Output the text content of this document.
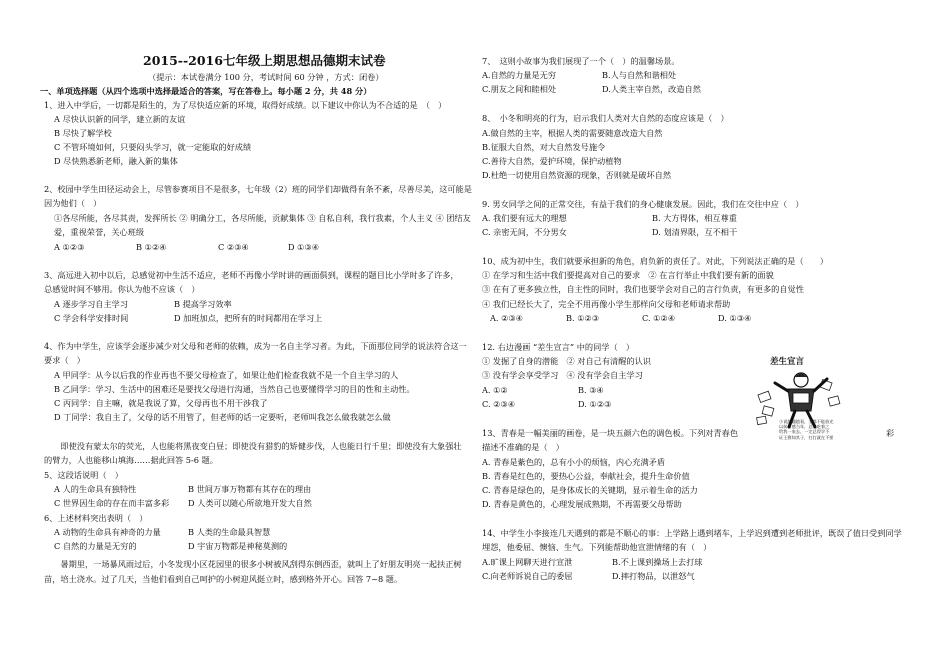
2015--2016七年级上期思想品德期末试卷
（提示：本试卷满分 100 分，考试时间 60 分钟 ，方式：闭卷）
一、单项选择题（从四个选项中选择最适合的答案，写在答卷上。每小题 2 分，共 48 分）
1、进入中学后，一切都是陌生的，为了尽快适应新的环境，取得好成绩。以下建议中你认为不合适的是　（　）
A 尽快认识新的同学，建立新的友谊
B 尽快了解学校
C 不管环境如何，只要闷头学习，就一定能取的好成绩
D 尽快熟悉新老师，融入新的集体
2、校园中学生田径运动会上，尽管参赛项目不是很多，七年级（2）班的同学们却做得有条不紊，尽善尽美，这可能是
因为他们（　）
①各尽所能，各尽其责，发挥所长 ② 明确分工，各尽所能，贡献集体 ③ 自私自利，我行我素，个人主义 ④ 团结友
爱，重视荣誉，关心班级
A ①②③	B ①②④	C ②③④	D ①③④
3、高远进入初中以后，总感觉初中生活不适应，老师不再像小学时讲的画面俱到，课程的题目比小学时多了许多，
总感觉时间不够用。你认为他不应该（　）
A 逐步学习自主学习	B 提高学习效率
C 学会科学安排时间	D 加班加点，把所有的时间都用在学习上
4、作为中学生，应该学会逐步减少对父母和老师的依赖，成为一名自主学习者。为此，下面那位同学的说法符合这一
要求（　）
A 甲同学：从今以后我的作业再也不要父母检查了，如果让他们检查我就不是一个自主学习的人
B 乙同学：学习、生活中的困难还是要找父母进行沟通，当然自己也要懂得学习的目的性和主动性。
C 丙同学：自主嘛，就是我说了算，父母再也不用干涉我了
D 丁同学：我自主了，父母的话不用管了，但老师的话一定要听，老师叫我怎么做我就怎么做
　　即使没有蒙太尔的荧光，人也能将黑夜变白昼；即使没有猎豹的矫健步伐，人也能日行千里；即使没有大象强壮
的臂力，人也能移山填海……据此回答 5-6 题。
5、这段话说明（　）
A 人的生命具有独特性	B 世间万事万物都有其存在的理由
C 世界因生命的存在而丰富多彩 D 人类可以随心所欲地开发大自然
6、上述材料突出表明（　）
A 动物的生命具有神奇的力量	B 人类的生命最具智慧
C 自然的力量是无穷的	D 宇宙万物都是神秘莫测的
　　暑期里，一场暴风雨过后，小冬发现小区花园里的很多小树被风刮得东倒西歪，就叫上了好朋友明亮一起扶正树
苗，培土浇水。过了几天，当他们看到自己呵护的小树迎风挺立时，感到格外开心。回答 7~8 题。
7、　这则小故事为我们展现了一个（　）的温馨场景。
A.自然的力量是无穷	B.人与自然和谐相处
C.朋友之间和睦相处	D.人类主宰自然，改造自然
8、　小冬和明亮的行为，启示我们人类对大自然的态度应该是（　）
A.做自然的主宰，根据人类的需要随意改造大自然
B.征服大自然，对大自然发号施令
C.善待大自然，爱护环境，保护动植物
D.杜绝一切使用自然资源的现象，否则就是破坏自然
9. 男女同学之间的正常交往，有益于我们的身心健康发展。因此，我们在交往中应（　）
A. 我们要有远大的理想	B. 大方得体，相互尊重
C. 亲密无间，不分男女	D. 划清界限，互不相干
10、成为初中生，我们就要承担新的角色，肩负新的责任了。对此，下列说法正确的是（　　）
① 在学习和生活中我们要提高对自己的要求　② 在言行举止中我们要有新的面貌
③ 在有了更多独立性，自主性的同时，我们也要学会对自己的言行负责，有更多的自觉性
④ 我们已经长大了，完全不用再像小学生那样向父母和老师请求帮助
A. ②③④	B. ①②③	C. ①②④	D. ①③④
12. 右边漫画 “差生宣言” 中的同学（　）
① 发掘了自身的潜能　② 对自己有清醒的认识
③ 没有学会享受学习　④ 没有学会自主学习
A. ①②	B. ③④
C. ②③④	D. ①②③
13、青春是一幅美丽的画卷，是一块五颜六色的调色板。下列对青春色	彩
描述不准确的是（　）
A. 青春是紫色的，总有小小的烦恼，内心充满矛盾
B. 青春是红色的，要热心公益，奉献社会，提升生命价值
C. 青春是绿色的，是身体成长的关键期，显示着生命的活力
D. 青春是黄色的，心理发展成熟期，不再需要父母帮助
14、中学生小李接连几天遇到的都是不顺心的事：上学路上遇到堵车，上学迟到遭到老师批评，既误了值日受到同学
埋怨，他委屈、懊恼、生气。下列能帮助他宣泄情绪的有（　）
A.旷课上网聊天进行宣泄	B.不上课到操场上去打球
C.向老师诉说自己的委屈	D.摔打物品，以泄怒气
差生宣言
小说越翻越看，全都不能放光
以前曾感当年，总是吃着之
给我一家去，一定总得学不
证王赛知其子，打打就在不要
